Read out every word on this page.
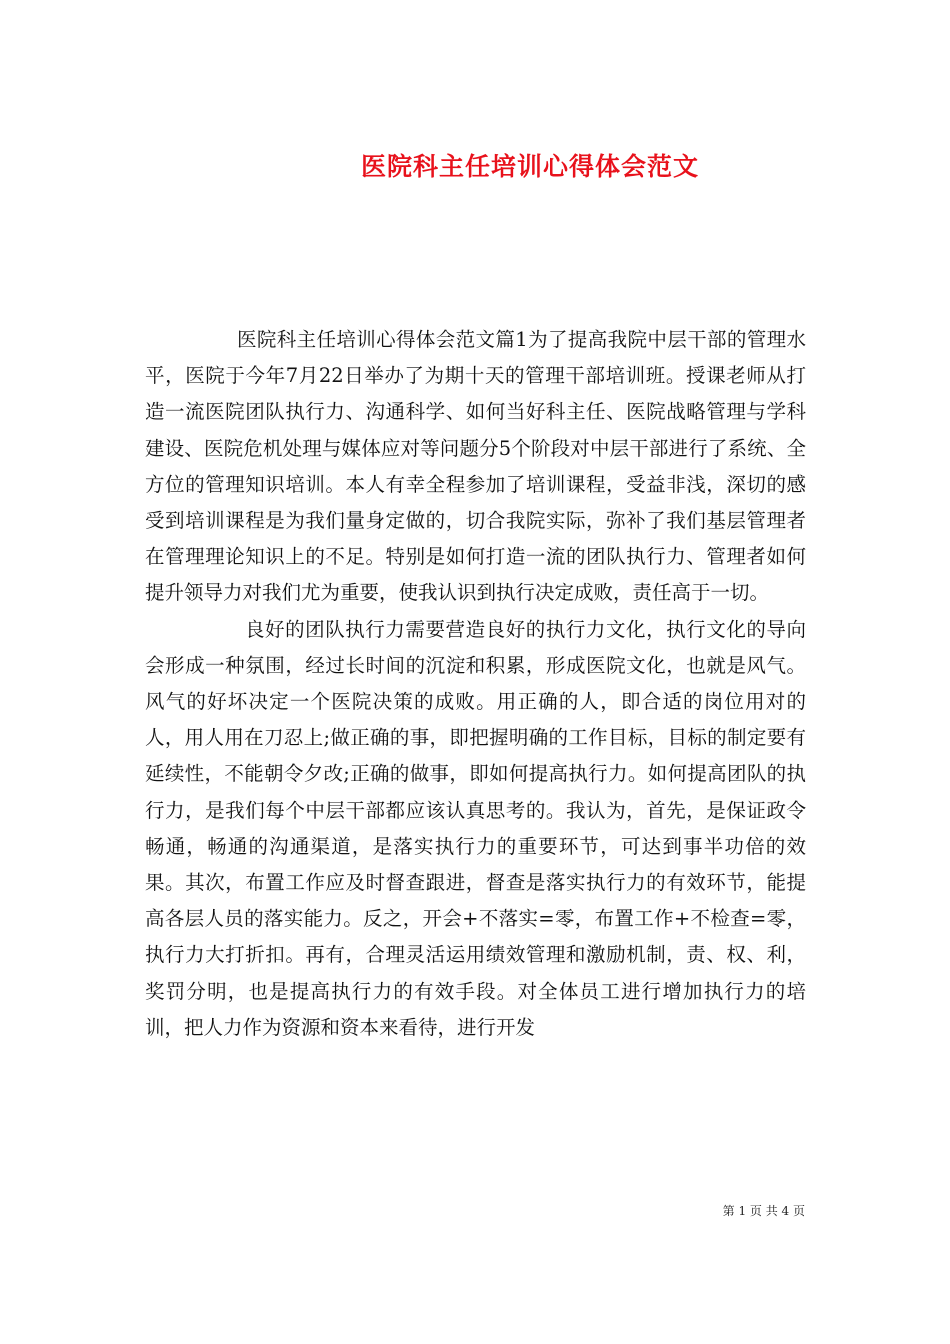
医院科主任培训心得体会范文

医院科主任培训心得体会范文篇1为了提高我院中层干部的管理水平，医院于今年7月22日举办了为期十天的管理干部培训班。授课老师从打造一流医院团队执行力、沟通科学、如何当好科主任、医院战略管理与学科建设、医院危机处理与媒体应对等问题分5个阶段对中层干部进行了系统、全方位的管理知识培训。本人有幸全程参加了培训课程，受益非浅，深切的感受到培训课程是为我们量身定做的，切合我院实际，弥补了我们基层管理者在管理理论知识上的不足。特别是如何打造一流的团队执行力、管理者如何提升领导力对我们尤为重要，使我认识到执行决定成败，责任高于一切。

良好的团队执行力需要营造良好的执行力文化，执行文化的导向会形成一种氛围，经过长时间的沉淀和积累，形成医院文化，也就是风气。风气的好坏决定一个医院决策的成败。用正确的人，即合适的岗位用对的人，用人用在刀忍上;做正确的事，即把握明确的工作目标，目标的制定要有延续性，不能朝令夕改;正确的做事，即如何提高执行力。如何提高团队的执行力，是我们每个中层干部都应该认真思考的。我认为，首先，是保证政令畅通，畅通的沟通渠道，是落实执行力的重要环节，可达到事半功倍的效果。其次，布置工作应及时督查跟进，督查是落实执行力的有效环节，能提高各层人员的落实能力。反之，开会+不落实=零，布置工作+不检查=零，执行力大打折扣。再有，合理灵活运用绩效管理和激励机制，责、权、利，奖罚分明，也是提高执行力的有效手段。对全体员工进行增加执行力的培训，把人力作为资源和资本来看待，进行开发

第 1 页 共 4 页
